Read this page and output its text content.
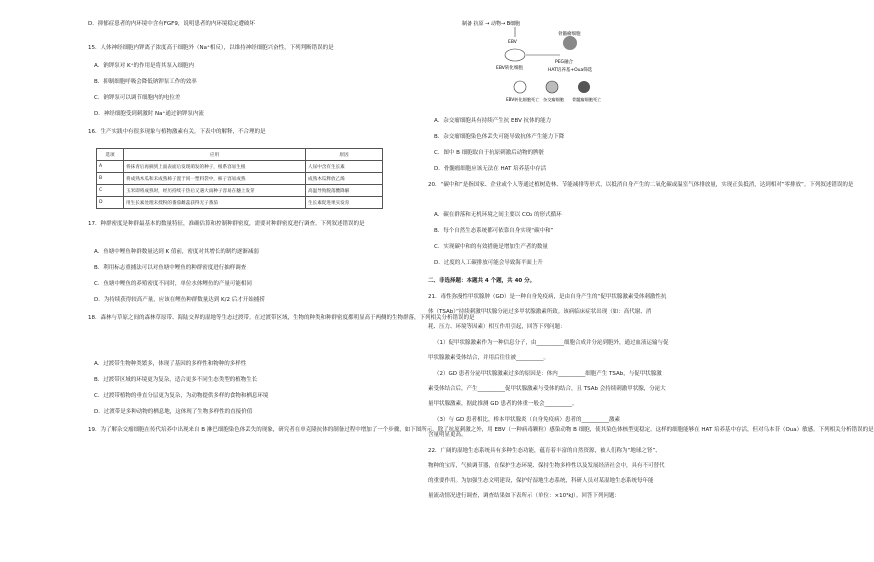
D．抑郁症患者的内环境中含有FGF9，说明患者的内环境稳定遭破坏
15．人体神经细胞内钾离子浓度高于细胞外（Na⁺相反），以维持神经细胞兴奋性，下列判断错误的是
A．钠钾泵对 K⁺的作用是将其泵入细胞内
B．抑制细胞呼吸会降低钠钾泵工作的效率
C．钠钾泵可以调节细胞内的电位差
D．神经细胞受到刺激时 Na⁺通过钠钾泵内流
16．生产实践中有很多现象与植物激素有关。下表中的解释，不合理的是
选项	应用	原因
A	将抹青后再摘到上面表面后发现萌发的种子，根系容易生根	人尿中含有生长素
B	将成熟木瓜和未成熟柿子置于同一塑料袋中，柿子容易成熟	成熟木瓜释放乙烯
C	玉米即将成熟时，经历持续干热后又遇大雨种子容易在穗上发芽	高温导致脱落酸降解
D	用生长素处理未授粉的番茄雌蕊获得无子番茄	生长素促进果实发育
17．种群密度是种群最基本的数量特征，准确估算和控制种群密度，需要对种群密度进行调查。下列叙述错误的是
A．鱼塘中鲤鱼种群数量达到 K 值前，密度对其增长的制约逐渐减弱
B．利用标志重捕法可以对鱼塘中鲤鱼的种群密度进行抽样调查
C．鱼塘中鲤鱼的养殖密度不同时，单位水体鲤鱼的产量可能相同
D．为持续获得较高产量，应该在鲤鱼种群数量达到 K/2 后才开始捕捞
18．森林与草原之间的森林草原带、海陆交界的湿地等生态过渡带。在过渡带区域，生物的种类和种群密度都明显高于两侧的生物群落，下列相关分析错误的是
A．过渡带生物种类繁多，体现了基因的多样性和物种的多样性
B．过渡带区域的环境更为复杂，适合更多不同生态类型的植物生长
C．过渡带植物的垂直分层更为复杂，为动物提供多样的食物和栖息环境
D．过渡带是多种动物的栖息地，这体现了生物多样性的直接价值
19．为了解杂交瘤细胞在传代培养中出现来自 B 淋巴细胞染色体丢失的现象，研究者在单克隆抗体的制备过程中增加了一个步骤，如下图所示。除了抗原刺激之外，用 EBV（一种病毒颗粒）感染动物 B 细胞，使其染色体核型更稳定。这样的细胞能够在 HAT 培养基中存活，但对乌本苷（Oua）敏感。下列相关分析错误的是
制备 抗原 → 动物→ B细胞
EBV
EBV转化细胞
骨髓瘤细胞
PEG融合
HAT培养基+Oua筛选
EBV转化细胞死亡 杂交瘤细胞 骨髓瘤细胞死亡
A．杂交瘤细胞具有持续产生抗 EBV 抗体的能力
B．杂交瘤细胞染色体丢失可能导致抗体产生能力下降
C．图中 B 细胞取自于抗原刺激后动物的脾脏
D．骨髓瘤细胞应该无法在 HAT 培养基中存活
20．“碳中和”是指国家、企业或个人等通过植树造林、节能减排等形式，以抵消自身产生的二氧化碳或温室气体排放量，实现正负抵消，达到相对“零排放”。下列叙述错误的是
A．碳在群落和无机环境之间主要以 CO₂ 的形式循环
B．每个自然生态系统都可依靠自身实现“碳中和”
C．实现碳中和的有效措施是增加生产者的数量
D．过度的人工碳排放可能会导致海平面上升
二、非选择题：本题共 4 个题，共 40 分。
21．毒性弥漫性甲状腺肿（GD）是一种自身免疫病，是由自身产生的“促甲状腺激素受体刺激性抗
体（TSAb）”持续刺激甲状腺分泌过多甲状腺激素所致。该病临床症状出现（如：高代谢、消
耗、压力、环境等因素）相互作用引起，回答下列问题：
（1）促甲状腺激素作为一种信息分子，由__________细胞合成并分泌到胞外，通过血液运输与促
甲状腺激素受体结合，并用后往往被__________。
（2）GD 患者分泌甲状腺激素过多的原因是：体内__________细胞产生 TSAb，与促甲状腺激
素受体结合后，产生__________促甲状腺激素与受体的结合，且 TSAb 会持续刺激甲状腺，分泌大
量甲状腺激素，据此推测 GD 患者的体重一般会__________。
（3）与 GD 患者相比，桥本甲状腺炎（自身免疫病）患者的__________激素
含量明显更高。
22．广阔的湿地生态系统具有多种生态功能，蕴育着丰富的自然资源，被人们称为“地球之肾”、
物种的宝库，气候调节器，在保护生态环境、保持生物多样性以及发展经济社会中，具有不可替代
的重要作用。为加强生态文明建设，保护好湿地生态系统，科研人员对某湿地生态系统每年能
量流动情况进行调查，调查结果如下表所示（单位：×10³kJ）。回答下列问题：
